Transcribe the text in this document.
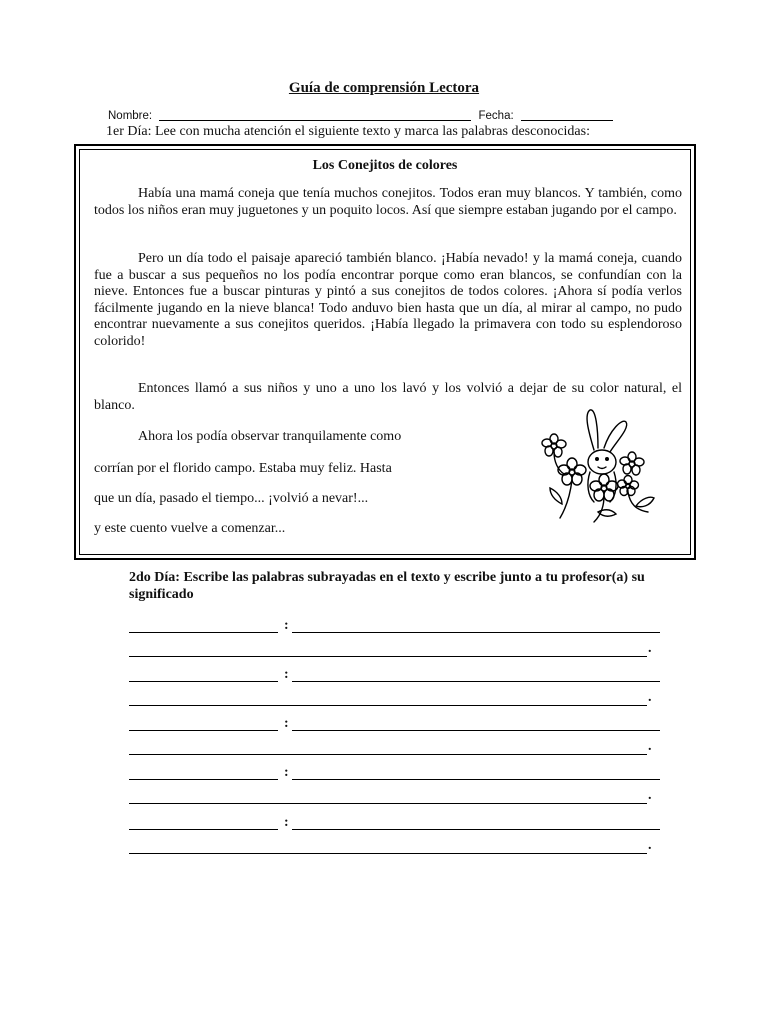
Guía de comprensión Lectora
Nombre:	Fecha:
1er Día: Lee con mucha atención el siguiente texto y marca las palabras desconocidas:
Los Conejitos de colores

Había una mamá coneja que tenía muchos conejitos. Todos eran muy blancos. Y también, como todos los niños eran muy juguetones y un poquito locos. Así que siempre estaban jugando por el campo.

Pero un día todo el paisaje apareció también blanco. ¡Había nevado! y la mamá coneja, cuando fue a buscar a sus pequeños no los podía encontrar porque como eran blancos, se confundían con la nieve. Entonces fue a buscar pinturas y pintó a sus conejitos de todos colores. ¡Ahora sí podía verlos fácilmente jugando en la nieve blanca! Todo anduvo bien hasta que un día, al mirar al campo, no pudo encontrar nuevamente a sus conejitos queridos. ¡Había llegado la primavera con todo su esplendoroso colorido!

Entonces llamó a sus niños y uno a uno los lavó y los volvió a dejar de su color natural, el blanco.

Ahora los podía observar tranquilamente como
corrían por el florido campo. Estaba muy feliz. Hasta
que un día, pasado el tiempo... ¡volvió a nevar!...
y este cuento vuelve a comenzar...
2do Día: Escribe las palabras subrayadas en el texto y escribe junto a tu profesor(a) su significado
:
.
:
.
:
.
:
.
:
.
